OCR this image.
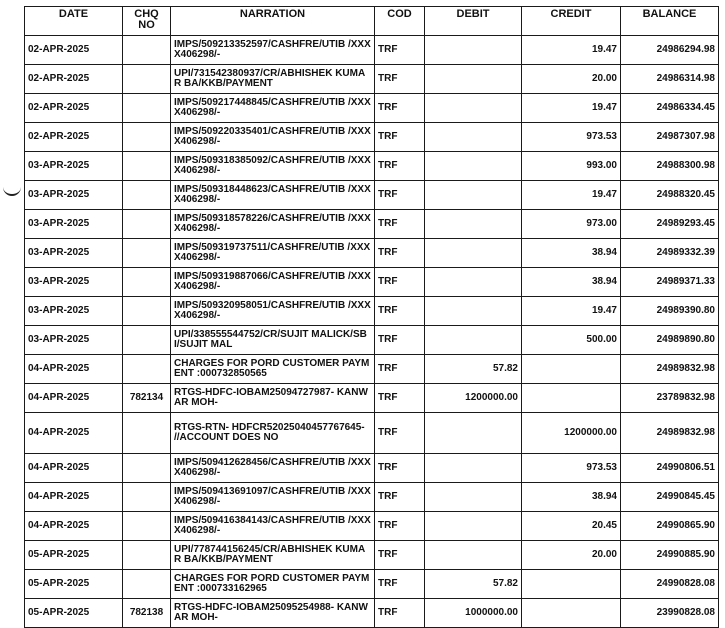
DATE	CHQ NO	NARRATION	COD	DEBIT	CREDIT	BALANCE
02-APR-2025		IMPS/509213352597/CASHFRE/UTIB /XXXX406298/-	TRF		19.47	24986294.98
02-APR-2025		UPI/731542380937/CR/ABHISHEK KUMAR BA/KKB/PAYMENT	TRF		20.00	24986314.98
02-APR-2025		IMPS/509217448845/CASHFRE/UTIB /XXXX406298/-	TRF		19.47	24986334.45
02-APR-2025		IMPS/509220335401/CASHFRE/UTIB /XXXX406298/-	TRF		973.53	24987307.98
03-APR-2025		IMPS/509318385092/CASHFRE/UTIB /XXXX406298/-	TRF		993.00	24988300.98
03-APR-2025		IMPS/509318448623/CASHFRE/UTIB /XXXX406298/-	TRF		19.47	24988320.45
03-APR-2025		IMPS/509318578226/CASHFRE/UTIB /XXXX406298/-	TRF		973.00	24989293.45
03-APR-2025		IMPS/509319737511/CASHFRE/UTIB /XXXX406298/-	TRF		38.94	24989332.39
03-APR-2025		IMPS/509319887066/CASHFRE/UTIB /XXXX406298/-	TRF		38.94	24989371.33
03-APR-2025		IMPS/509320958051/CASHFRE/UTIB /XXXX406298/-	TRF		19.47	24989390.80
03-APR-2025		UPI/338555544752/CR/SUJIT MALICK/SBI/SUJIT MAL	TRF		500.00	24989890.80
04-APR-2025		CHARGES FOR PORD CUSTOMER PAYMENT :000732850565	TRF	57.82		24989832.98
04-APR-2025	782134	RTGS-HDFC-IOBAM25094727987- KANWAR MOH-	TRF	1200000.00		23789832.98
04-APR-2025		RTGS-RTN- HDFCR52025040457767645- //ACCOUNT DOES NO	TRF		1200000.00	24989832.98
04-APR-2025		IMPS/509412628456/CASHFRE/UTIB /XXXX406298/-	TRF		973.53	24990806.51
04-APR-2025		IMPS/509413691097/CASHFRE/UTIB /XXXX406298/-	TRF		38.94	24990845.45
04-APR-2025		IMPS/509416384143/CASHFRE/UTIB /XXXX406298/-	TRF		20.45	24990865.90
05-APR-2025		UPI/778744156245/CR/ABHISHEK KUMAR BA/KKB/PAYMENT	TRF		20.00	24990885.90
05-APR-2025		CHARGES FOR PORD CUSTOMER PAYMENT :000733162965	TRF	57.82		24990828.08
05-APR-2025	782138	RTGS-HDFC-IOBAM25095254988- KANWAR MOH-	TRF	1000000.00		23990828.08
